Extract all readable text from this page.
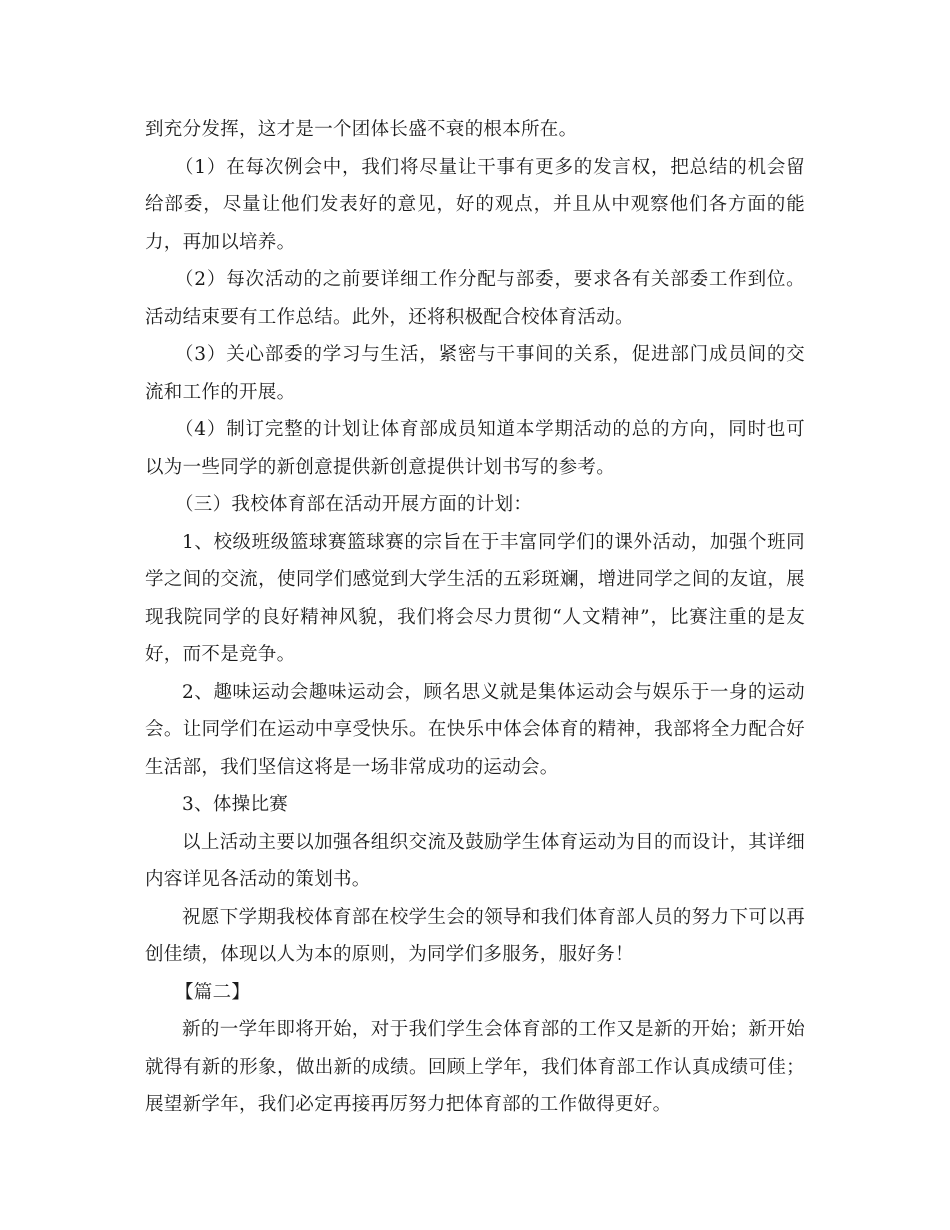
到充分发挥，这才是一个团体长盛不衰的根本所在。

（1）在每次例会中，我们将尽量让干事有更多的发言权，把总结的机会留给部委，尽量让他们发表好的意见，好的观点，并且从中观察他们各方面的能力，再加以培养。

（2）每次活动的之前要详细工作分配与部委，要求各有关部委工作到位。活动结束要有工作总结。此外，还将积极配合校体育活动。

（3）关心部委的学习与生活，紧密与干事间的关系，促进部门成员间的交流和工作的开展。

（4）制订完整的计划让体育部成员知道本学期活动的总的方向，同时也可以为一些同学的新创意提供新创意提供计划书写的参考。

（三）我校体育部在活动开展方面的计划：

1、校级班级篮球赛篮球赛的宗旨在于丰富同学们的课外活动，加强个班同学之间的交流，使同学们感觉到大学生活的五彩斑斓，增进同学之间的友谊，展现我院同学的良好精神风貌，我们将会尽力贯彻“人文精神”，比赛注重的是友好，而不是竞争。

2、趣味运动会趣味运动会，顾名思义就是集体运动会与娱乐于一身的运动会。让同学们在运动中享受快乐。在快乐中体会体育的精神，我部将全力配合好生活部，我们坚信这将是一场非常成功的运动会。

3、体操比赛

以上活动主要以加强各组织交流及鼓励学生体育运动为目的而设计，其详细内容详见各活动的策划书。

祝愿下学期我校体育部在校学生会的领导和我们体育部人员的努力下可以再创佳绩，体现以人为本的原则，为同学们多服务，服好务！

【篇二】

新的一学年即将开始，对于我们学生会体育部的工作又是新的开始；新开始就得有新的形象，做出新的成绩。回顾上学年，我们体育部工作认真成绩可佳；展望新学年，我们必定再接再厉努力把体育部的工作做得更好。
